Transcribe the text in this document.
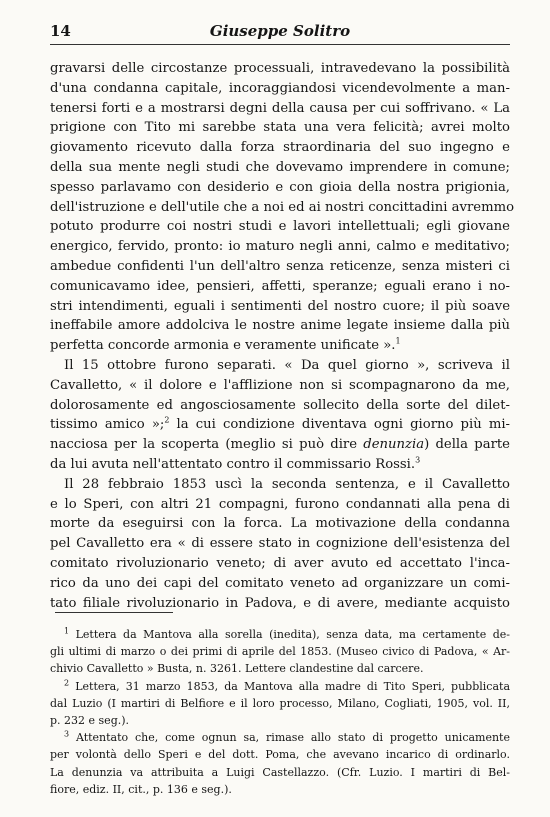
14	Giuseppe Solitro
gravarsi delle circostanze processuali, intravedevano la possibilità
d'una condanna capitale, incoraggiandosi vicendevolmente a man-
tenersi forti e a mostrarsi degni della causa per cui soffrivano. « La
prigione con Tito mi sarebbe stata una vera felicità; avrei molto
giovamento ricevuto dalla forza straordinaria del suo ingegno e
della sua mente negli studi che dovevamo imprendere in comune;
spesso parlavamo con desiderio e con gioia della nostra prigionia,
dell'istruzione e dell'utile che a noi ed ai nostri concittadini avremmo
potuto produrre coi nostri studi e lavori intellettuali; egli giovane
energico, fervido, pronto: io maturo negli anni, calmo e meditativo;
ambedue confidenti l'un dell'altro senza reticenze, senza misteri ci
comunicavamo idee, pensieri, affetti, speranze; eguali erano i no-
stri intendimenti, eguali i sentimenti del nostro cuore; il più soave
ineffabile amore addolciva le nostre anime legate insieme dalla più
perfetta concorde armonia e veramente unificate ».$^1$
Il 15 ottobre furono separati. « Da quel giorno », scriveva il
Cavalletto, « il dolore e l'afflizione non si scompagnarono da me,
dolorosamente ed angosciosamente sollecito della sorte del dilet-
tissimo amico »;$^2$ la cui condizione diventava ogni giorno più mi-
nacciosa per la scoperta (meglio si può dire denunzia) della parte
da lui avuta nell'attentato contro il commissario Rossi.$^3$
Il 28 febbraio 1853 uscì la seconda sentenza, e il Cavalletto
e lo Speri, con altri 21 compagni, furono condannati alla pena di
morte da eseguirsi con la forca. La motivazione della condanna
pel Cavalletto era « di essere stato in cognizione dell'esistenza del
comitato rivoluzionario veneto; di aver avuto ed accettato l'inca-
rico da uno dei capi del comitato veneto ad organizzare un comi-
tato filiale rivoluzionario in Padova, e di avere, mediante acquisto
$^1$ Lettera da Mantova alla sorella (inedita), senza data, ma certamente de-
gli ultimi di marzo o dei primi di aprile del 1853. (Museo civico di Padova, « Ar-
chivio Cavalletto » Busta, n. 3261. Lettere clandestine dal carcere.
$^2$ Lettera, 31 marzo 1853, da Mantova alla madre di Tito Speri, pubblicata
dal Luzio (I martiri di Belfiore e il loro processo, Milano, Cogliati, 1905, vol. II,
p. 232 e seg.).
$^3$ Attentato che, come ognun sa, rimase allo stato di progetto unicamente
per volontà dello Speri e del dott. Poma, che avevano incarico di ordinarlo.
La denunzia va attribuita a Luigi Castellazzo. (Cfr. Luzio. I martiri di Bel-
fiore, ediz. II, cit., p. 136 e seg.).
